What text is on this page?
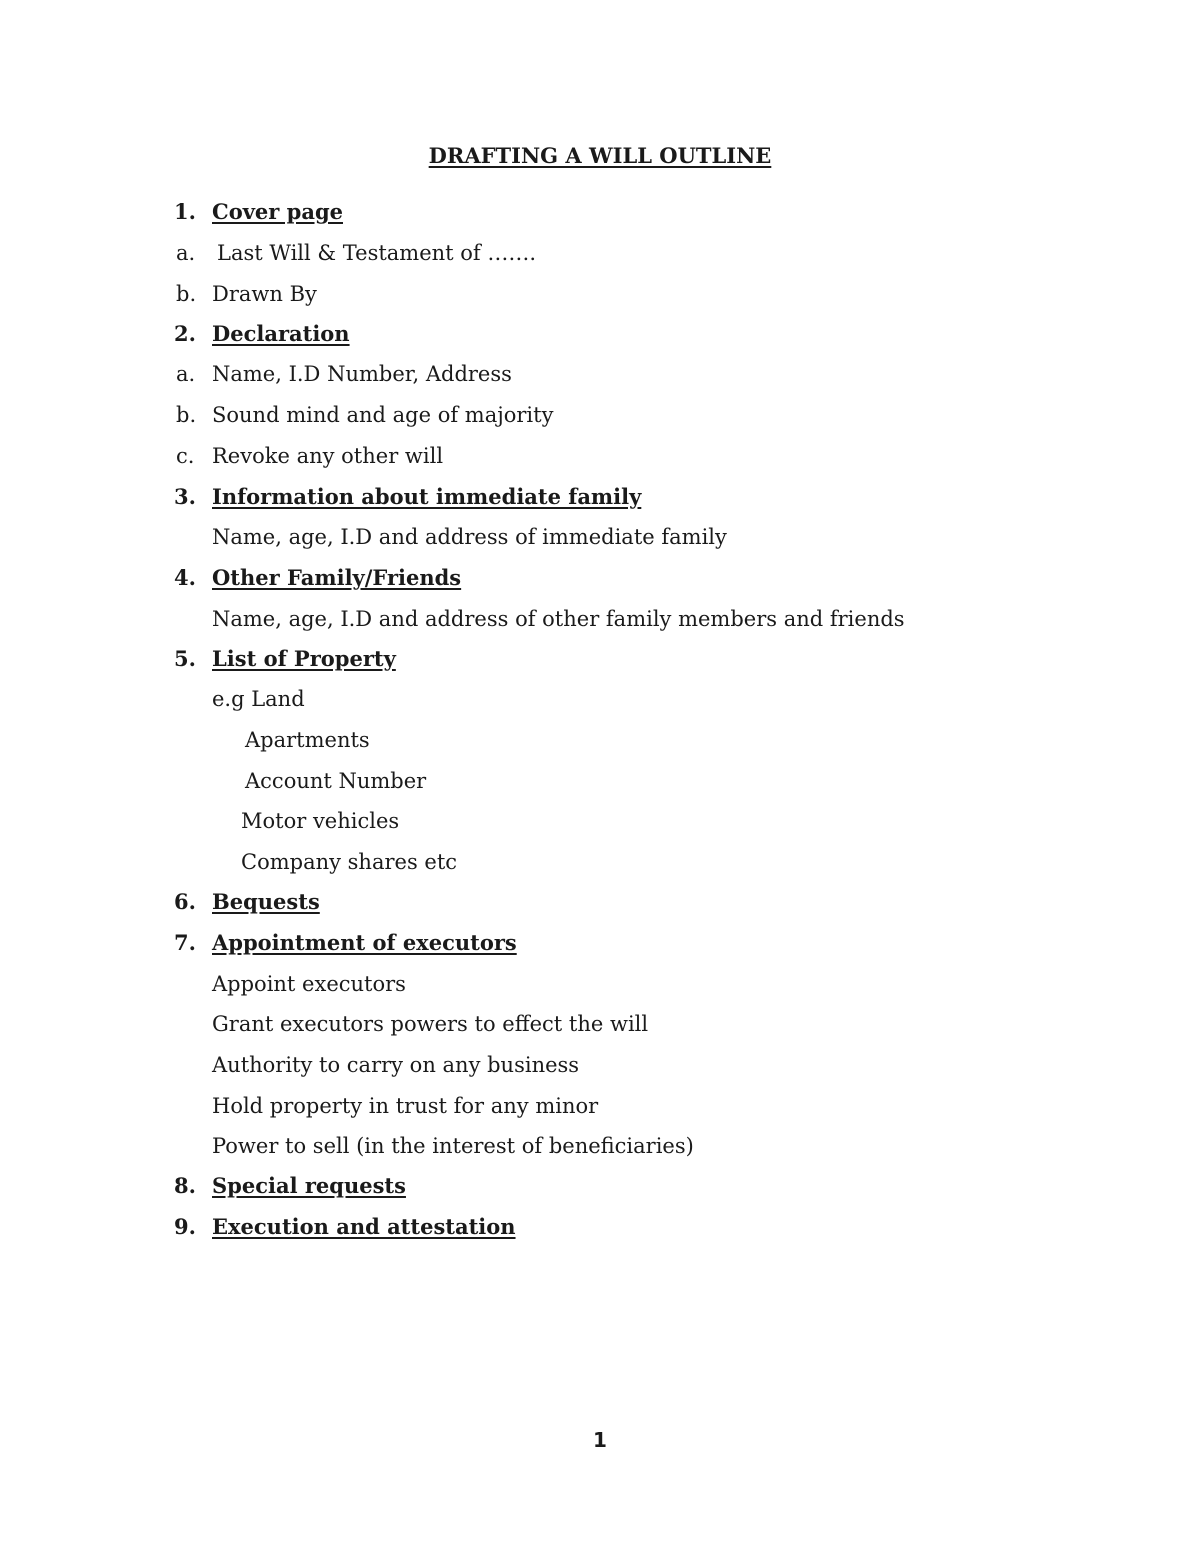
DRAFTING A WILL OUTLINE
1. Cover page
a. Last Will & Testament of …….
b. Drawn By
2. Declaration
a. Name, I.D Number, Address
b. Sound mind and age of majority
c. Revoke any other will
3. Information about immediate family
Name, age, I.D and address of immediate family
4. Other Family/Friends
Name, age, I.D and address of other family members and friends
5. List of Property
e.g Land
Apartments
Account Number
Motor vehicles
Company shares etc
6. Bequests
7. Appointment of executors
Appoint executors
Grant executors powers to effect the will
Authority to carry on any business
Hold property in trust for any minor
Power to sell (in the interest of beneficiaries)
8. Special requests
9. Execution and attestation
1
